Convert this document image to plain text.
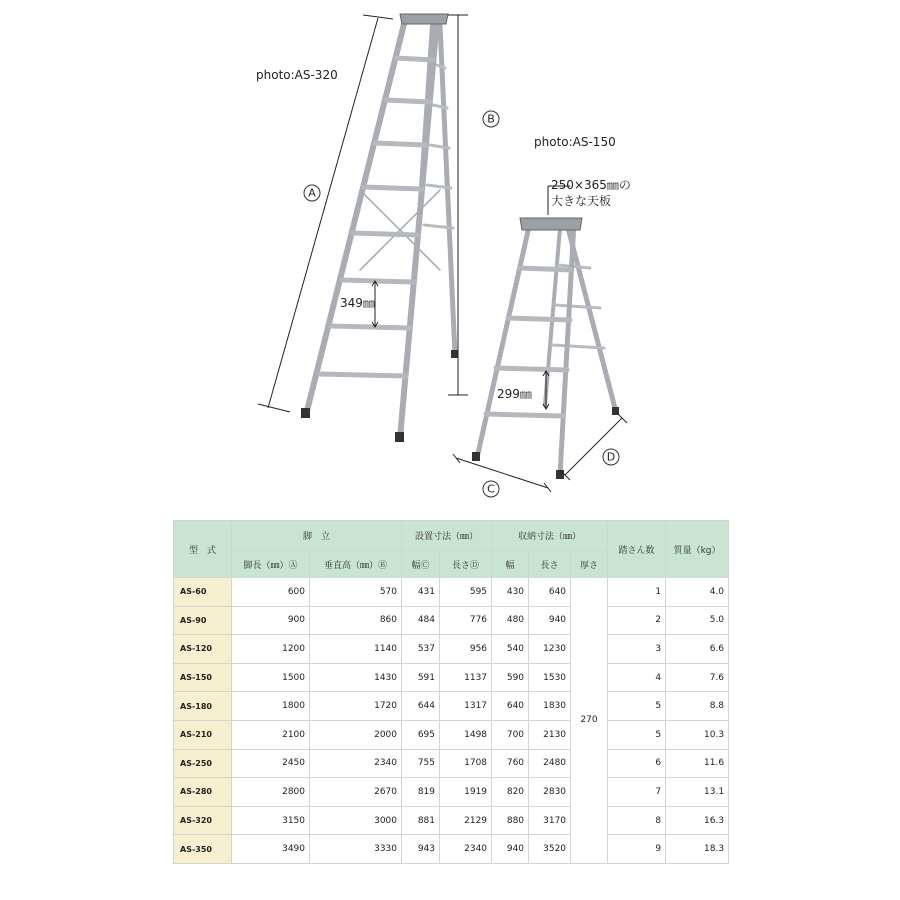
photo:AS-320
photo:AS-150
250×365㎜の
大きな天板
349㎜
299㎜
A
B
C
D
型　式	脚　立		設置寸法（㎜）		収納寸法（㎜）			踏さん数	質量（kg）
	脚長（㎜）Ⓐ	垂直高（㎜）Ⓑ	幅Ⓒ	長さⒹ	幅	長さ	厚さ		
AS-60	600	570	431	595	430	640	270	1	4.0
AS-90	900	860	484	776	480	940		2	5.0
AS-120	1200	1140	537	956	540	1230		3	6.6
AS-150	1500	1430	591	1137	590	1530		4	7.6
AS-180	1800	1720	644	1317	640	1830		5	8.8
AS-210	2100	2000	695	1498	700	2130		5	10.3
AS-250	2450	2340	755	1708	760	2480		6	11.6
AS-280	2800	2670	819	1919	820	2830		7	13.1
AS-320	3150	3000	881	2129	880	3170		8	16.3
AS-350	3490	3330	943	2340	940	3520		9	18.3
